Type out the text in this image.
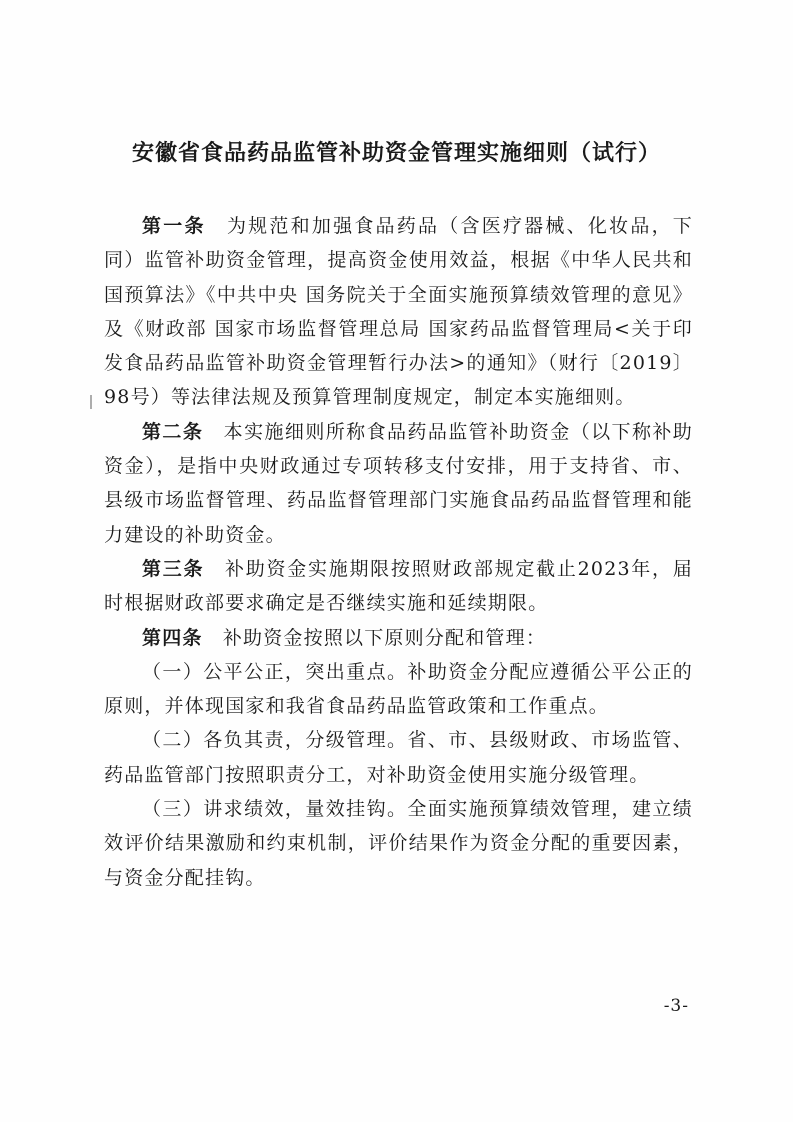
安徽省食品药品监管补助资金管理实施细则（试行）

第一条　 为规范和加强食品药品（含医疗器械、化妆品，下同）监管补助资金管理，提高资金使用效益，根据《中华人民共和国预算法》《中共中央 国务院关于全面实施预算绩效管理的意见》及《财政部 国家市场监督管理总局 国家药品监督管理局<关于印发食品药品监管补助资金管理暂行办法>的通知》（财行〔2019〕98号）等法律法规及预算管理制度规定，制定本实施细则。

第二条　 本实施细则所称食品药品监管补助资金（以下称补助资金），是指中央财政通过专项转移支付安排，用于支持省、市、县级市场监督管理、药品监督管理部门实施食品药品监督管理和能力建设的补助资金。

第三条　 补助资金实施期限按照财政部规定截止2023年，届时根据财政部要求确定是否继续实施和延续期限。

第四条　 补助资金按照以下原则分配和管理：

（一）公平公正，突出重点。补助资金分配应遵循公平公正的原则，并体现国家和我省食品药品监管政策和工作重点。

（二）各负其责，分级管理。省、市、县级财政、市场监管、药品监管部门按照职责分工，对补助资金使用实施分级管理。

（三）讲求绩效，量效挂钩。全面实施预算绩效管理，建立绩效评价结果激励和约束机制，评价结果作为资金分配的重要因素，与资金分配挂钩。

-3-
